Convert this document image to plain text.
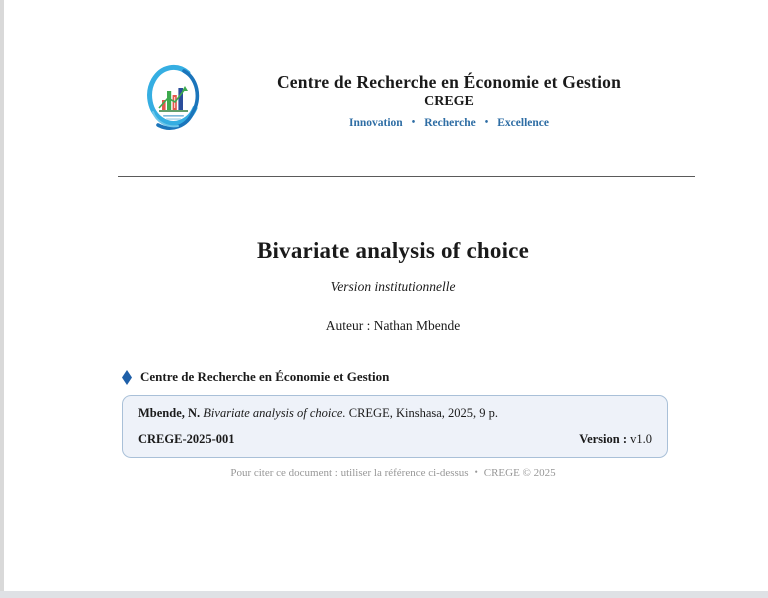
Centre de Recherche en Économie et Gestion
CREGE
Innovation • Recherche • Excellence
Bivariate analysis of choice
Version institutionnelle
Auteur : Nathan Mbende
Centre de Recherche en Économie et Gestion
Mbende, N. Bivariate analysis of choice. CREGE, Kinshasa, 2025, 9 p.
CREGE-2025-001	Version : v1.0
Pour citer ce document : utiliser la référence ci-dessus • CREGE © 2025
